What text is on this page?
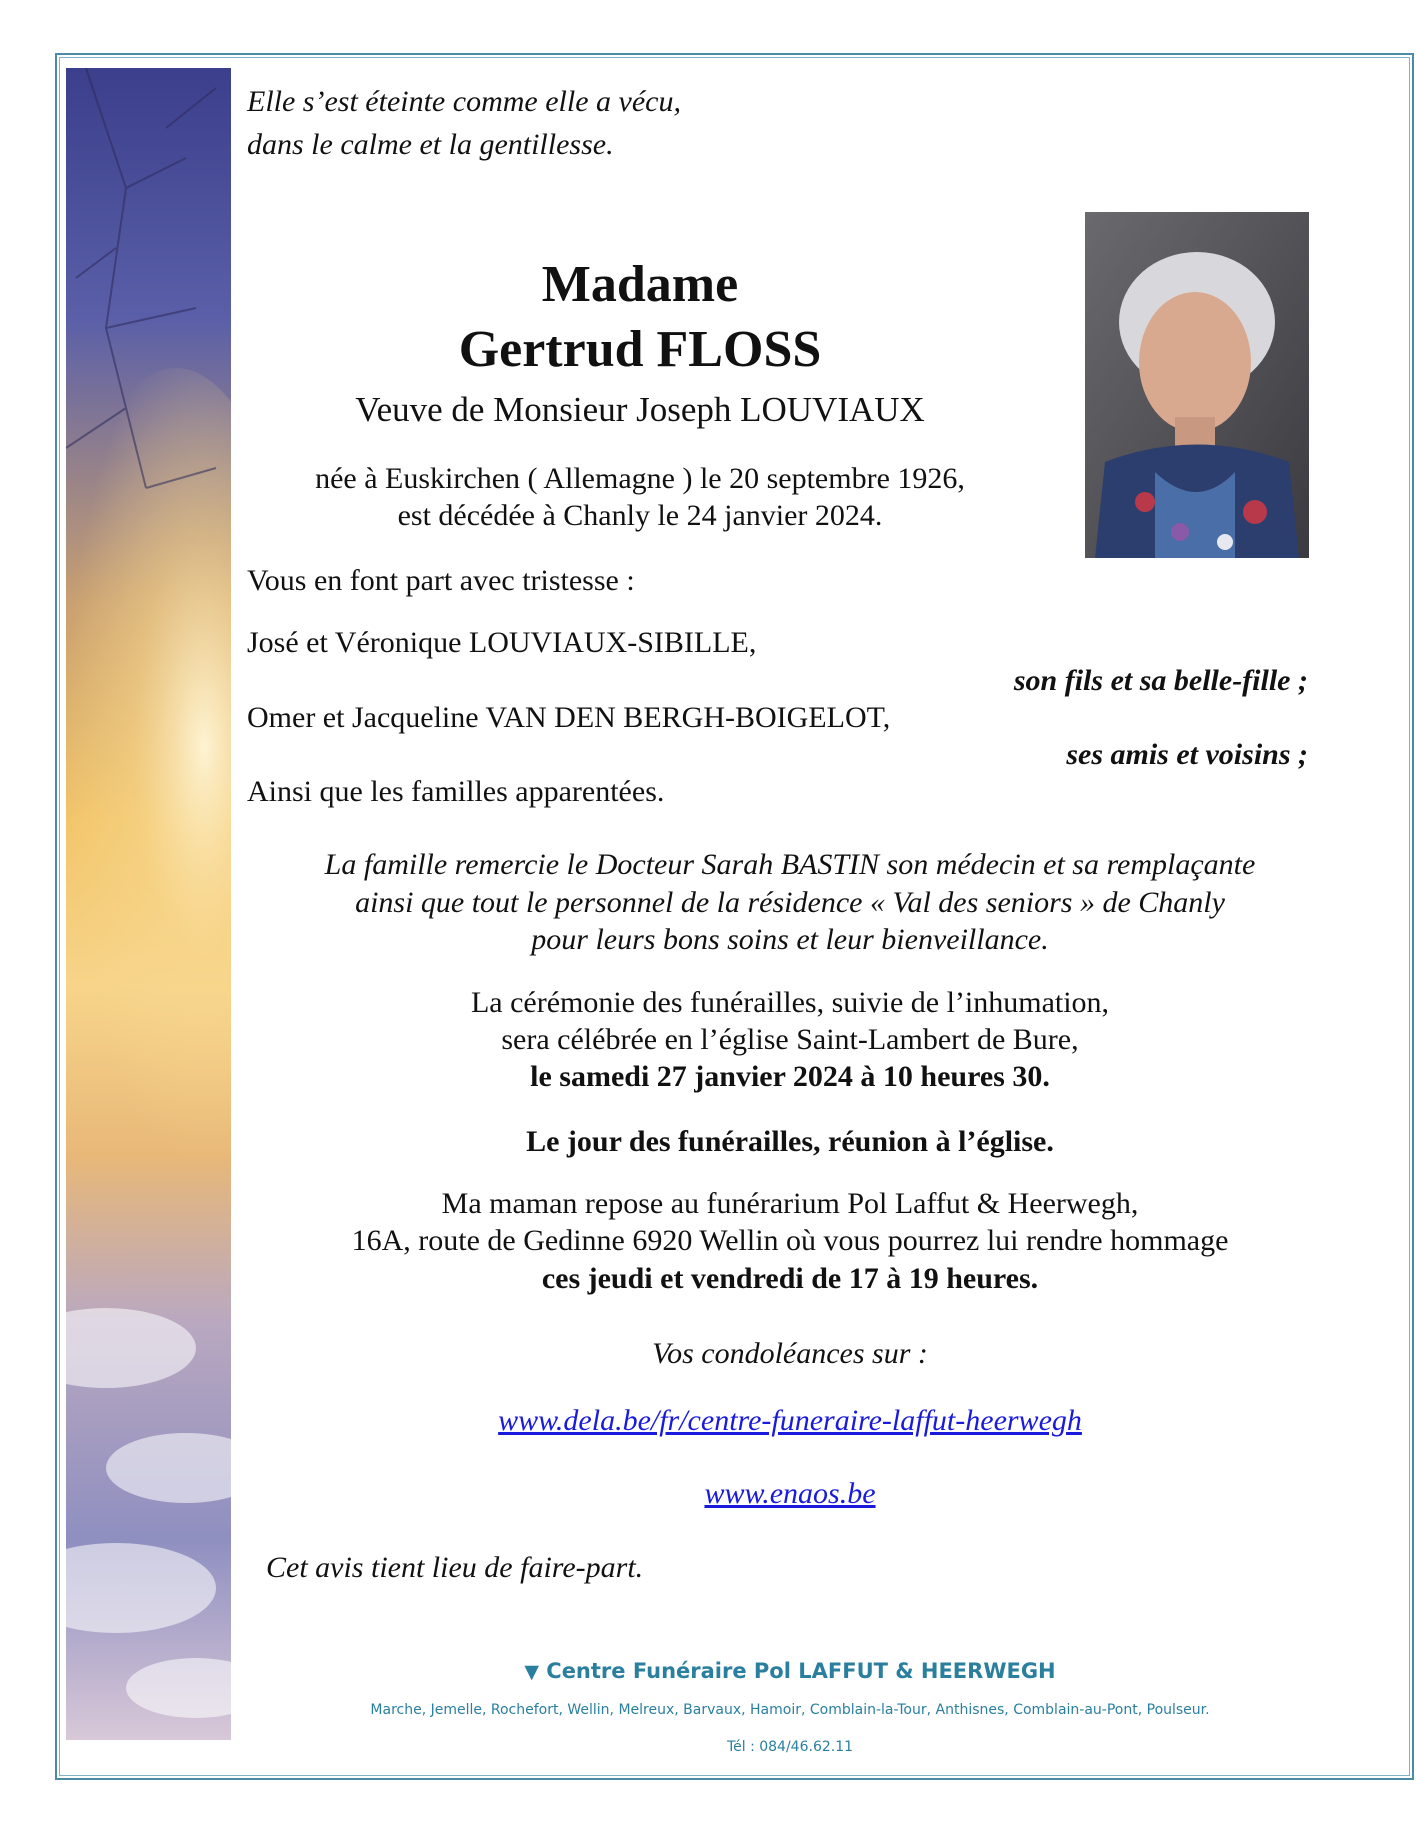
Elle s’est éteinte comme elle a vécu,
dans le calme et la gentillesse.
Madame
Gertrud FLOSS
Veuve de Monsieur Joseph LOUVIAUX
née à Euskirchen ( Allemagne ) le 20 septembre 1926,
est décédée à Chanly le 24 janvier 2024.
Vous en font part avec tristesse :
José et Véronique LOUVIAUX-SIBILLE,
son fils et sa belle-fille ;
Omer et Jacqueline VAN DEN BERGH-BOIGELOT,
ses amis et voisins ;
Ainsi que les familles apparentées.
La famille remercie le Docteur Sarah BASTIN son médecin et sa remplaçante
ainsi que tout le personnel de la résidence « Val des seniors » de Chanly
pour leurs bons soins et leur bienveillance.
La cérémonie des funérailles, suivie de l’inhumation,
sera célébrée en l’église Saint-Lambert de Bure,
le samedi 27 janvier 2024 à 10 heures 30.
Le jour des funérailles, réunion à l’église.
Ma maman repose au funérarium Pol Laffut & Heerwegh,
16A, route de Gedinne 6920 Wellin où vous pourrez lui rendre hommage
ces jeudi et vendredi de 17 à 19 heures.
Vos condoléances sur :
www.dela.be/fr/centre-funeraire-laffut-heerwegh
www.enaos.be
Cet avis tient lieu de faire-part.
▼ Centre Funéraire Pol LAFFUT & HEERWEGH
Marche, Jemelle, Rochefort, Wellin, Melreux, Barvaux, Hamoir, Comblain-la-Tour, Anthisnes, Comblain-au-Pont, Poulseur.
Tél : 084/46.62.11
